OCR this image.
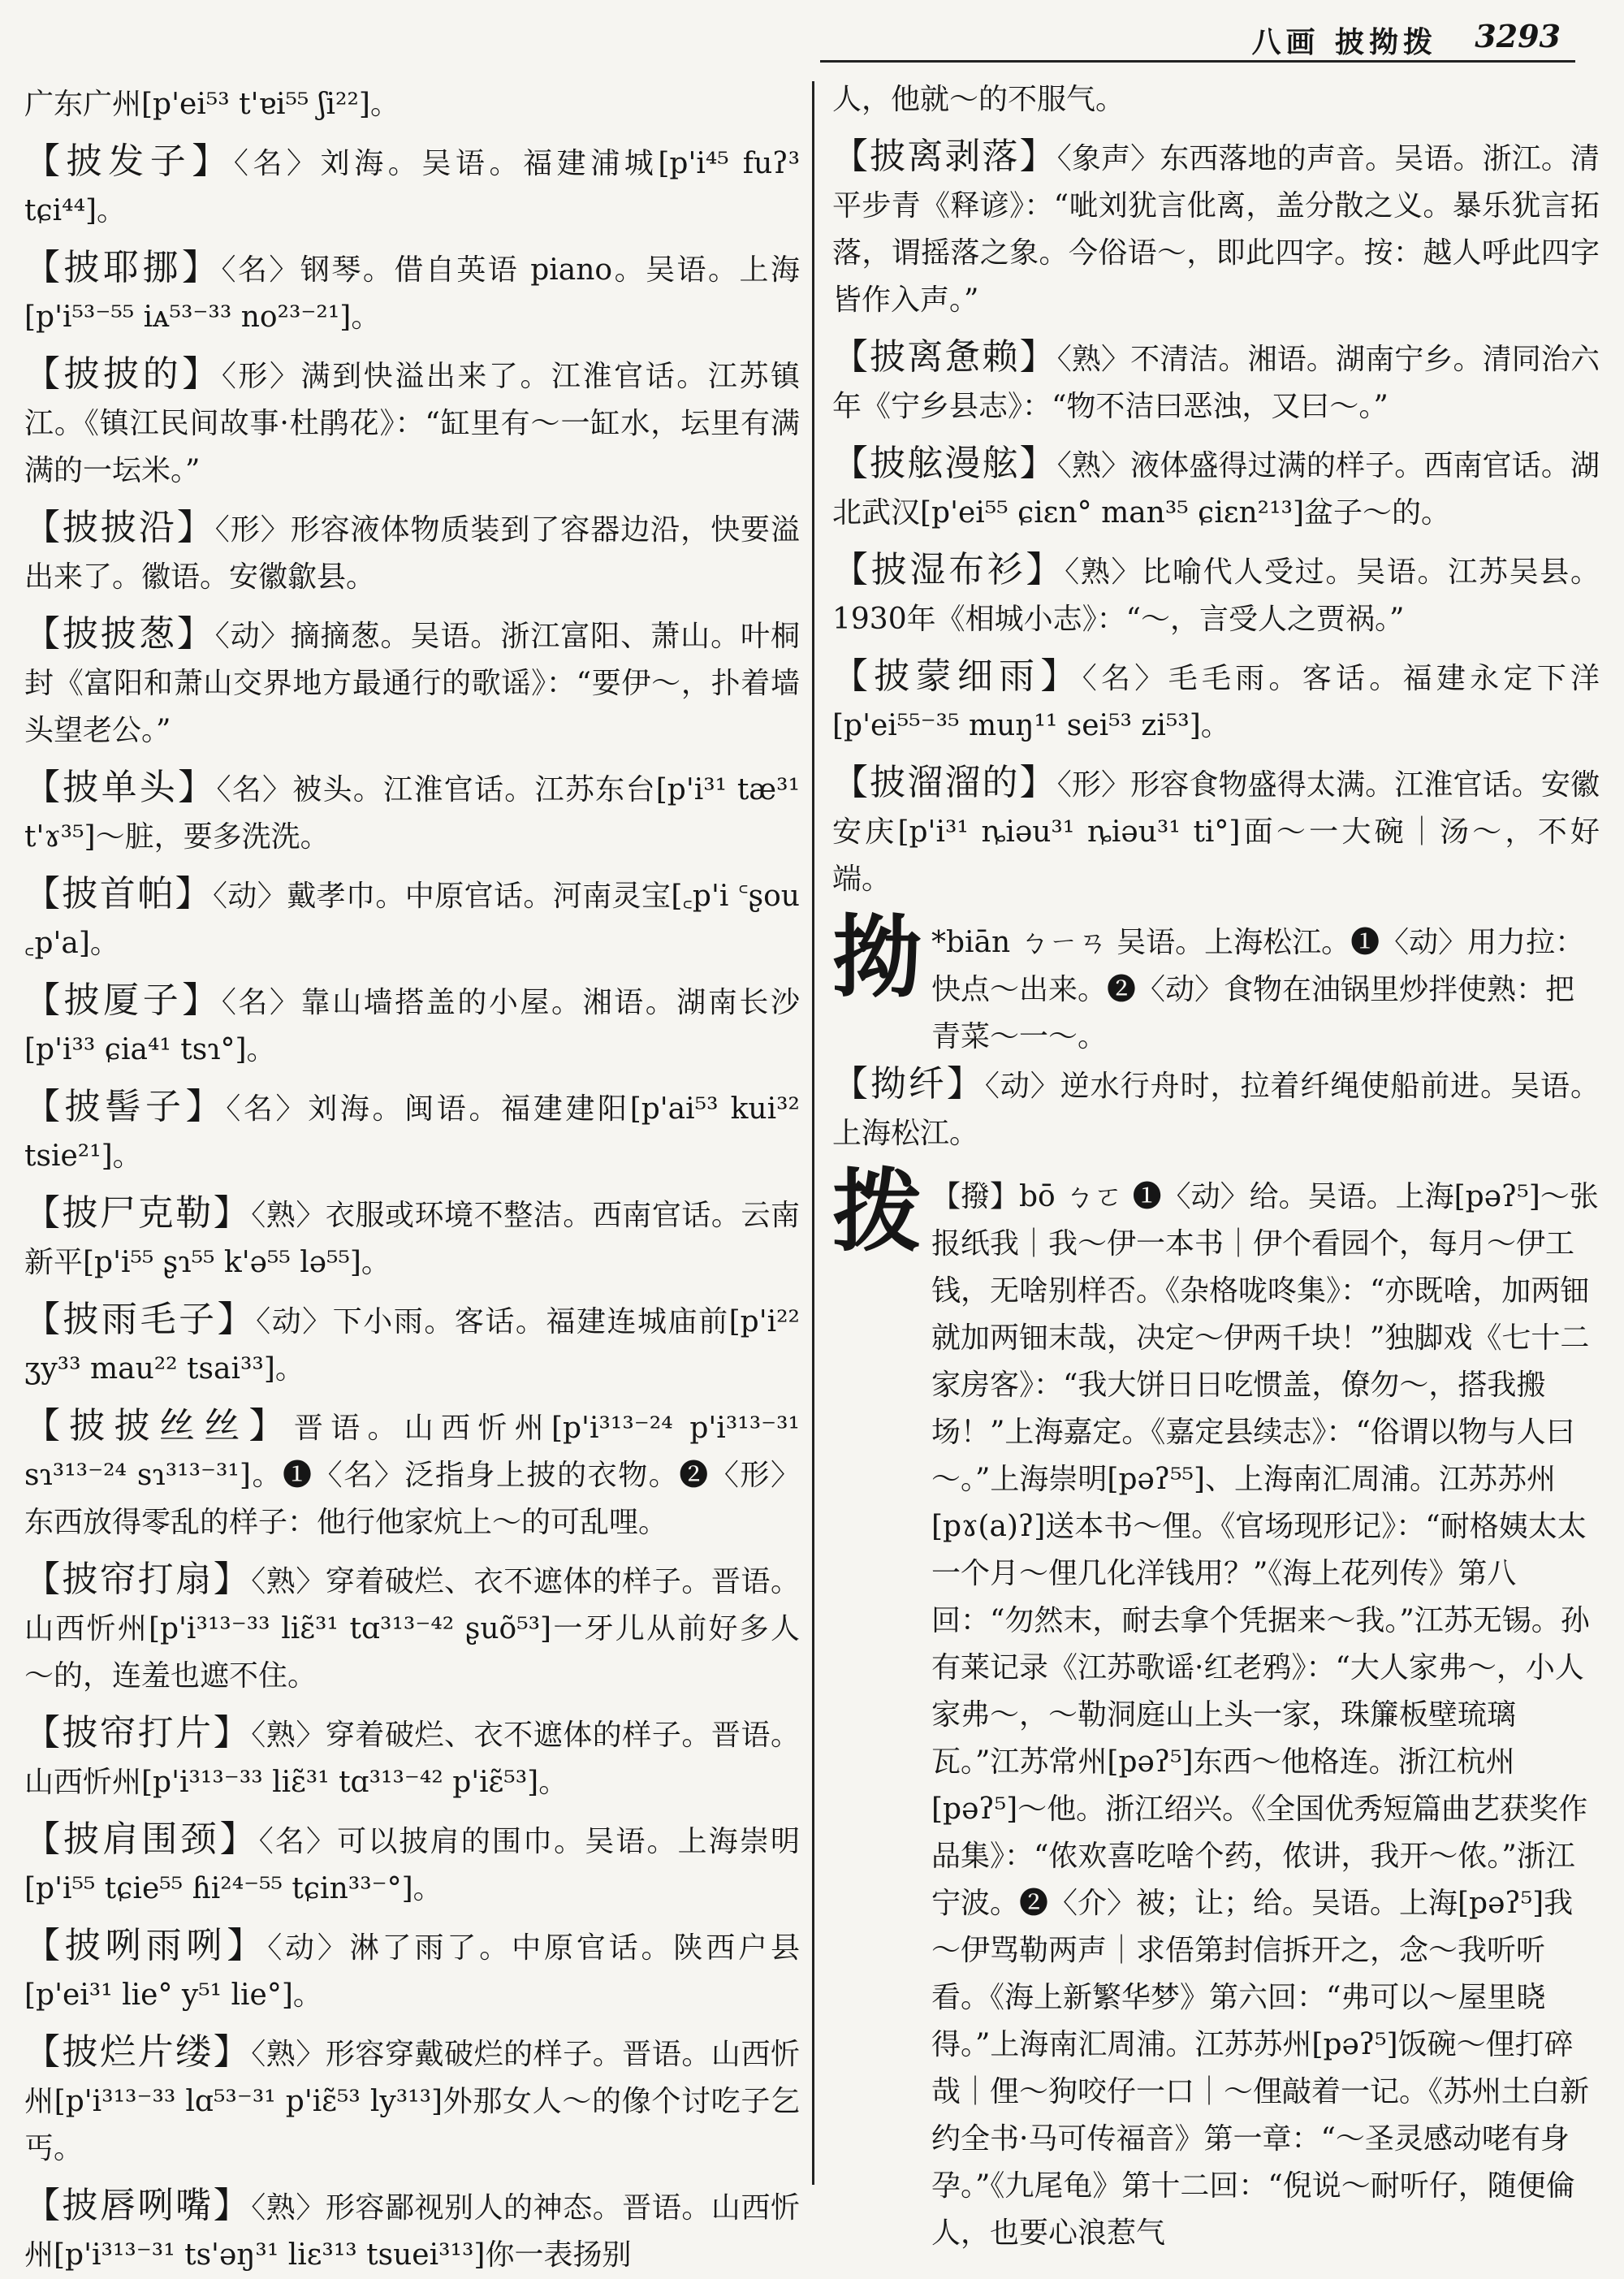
八画 披拗拨 3293

广东广州[p'ei⁵³ t'ɐi⁵⁵ ʃi²²]。

【披发子】〈名〉刘海。吴语。福建浦城[p'i⁴⁵ fuʔ³ tɕi⁴⁴]。

【披耶挪】〈名〉钢琴。借自英语 piano。吴语。上海[p'i⁵³⁻⁵⁵ iᴀ⁵³⁻³³ no²³⁻²¹]。

【披披的】〈形〉满到快溢出来了。江淮官话。江苏镇江。《镇江民间故事·杜鹃花》：“缸里有～一缸水，坛里有满满的一坛米。”

【披披沿】〈形〉形容液体物质装到了容器边沿，快要溢出来了。徽语。安徽歙县。

【披披葱】〈动〉摘摘葱。吴语。浙江富阳、萧山。叶桐封《富阳和萧山交界地方最通行的歌谣》：“要伊～，扑着墙头望老公。”

【披单头】〈名〉被头。江淮官话。江苏东台[p'i³¹ tæ³¹ t'ɤ³⁵]～脏，要多洗洗。

【披首帕】〈动〉戴孝巾。中原官话。河南灵宝[꜀p'i ꜂ʂou ꜀p'a]。

【披厦子】〈名〉靠山墙搭盖的小屋。湘语。湖南长沙[p'i³³ ɕia⁴¹ tsɿ°]。

【披髻子】〈名〉刘海。闽语。福建建阳[p'ai⁵³ kui³² tsie²¹]。

【披尸克勒】〈熟〉衣服或环境不整洁。西南官话。云南新平[p'i⁵⁵ ʂɿ⁵⁵ k'ə⁵⁵ lə⁵⁵]。

【披雨毛子】〈动〉下小雨。客话。福建连城庙前[p'i²² ʒy³³ mau²² tsai³³]。

【披披丝丝】晋语。山西忻州[p'i³¹³⁻²⁴ p'i³¹³⁻³¹ sɿ³¹³⁻²⁴ sɿ³¹³⁻³¹]。❶〈名〉泛指身上披的衣物。❷〈形〉东西放得零乱的样子：他行他家炕上～的可乱哩。

【披帘打扇】〈熟〉穿着破烂、衣不遮体的样子。晋语。山西忻州[p'i³¹³⁻³³ liɛ̃³¹ tɑ³¹³⁻⁴² ʂuõ⁵³]一牙儿从前好多人～的，连羞也遮不住。

【披帘打片】〈熟〉穿着破烂、衣不遮体的样子。晋语。山西忻州[p'i³¹³⁻³³ liɛ̃³¹ tɑ³¹³⁻⁴² p'iɛ̃⁵³]。

【披肩围颈】〈名〉可以披肩的围巾。吴语。上海崇明[p'i⁵⁵ tɕie⁵⁵ ɦi²⁴⁻⁵⁵ tɕin³³⁻°]。

【披咧雨咧】〈动〉淋了雨了。中原官话。陕西户县[p'ei³¹ lie° y⁵¹ lie°]。

【披烂片缕】〈熟〉形容穿戴破烂的样子。晋语。山西忻州[p'i³¹³⁻³³ lɑ⁵³⁻³¹ p'iɛ̃⁵³ ly³¹³]外那女人～的像个讨吃子乞丐。

【披唇咧嘴】〈熟〉形容鄙视别人的神态。晋语。山西忻州[p'i³¹³⁻³¹ ts'əŋ³¹ liɛ³¹³ tsuei³¹³]你一表扬别

人，他就～的不服气。

【披离剥落】〈象声〉东西落地的声音。吴语。浙江。清平步青《释谚》：“呲刘犹言仳离，盖分散之义。暴乐犹言拓落，谓摇落之象。今俗语～，即此四字。按：越人呼此四字皆作入声。”

【披离惫赖】〈熟〉不清洁。湘语。湖南宁乡。清同治六年《宁乡县志》：“物不洁曰恶浊，又曰～。”

【披舷漫舷】〈熟〉液体盛得过满的样子。西南官话。湖北武汉[p'ei⁵⁵ ɕiɛn° man³⁵ ɕiɛn²¹³]盆子～的。

【披湿布衫】〈熟〉比喻代人受过。吴语。江苏吴县。1930年《相城小志》：“～，言受人之贾祸。”

【披蒙细雨】〈名〉毛毛雨。客话。福建永定下洋[p'ei⁵⁵⁻³⁵ muŋ¹¹ sei⁵³ zi⁵³]。

【披溜溜的】〈形〉形容食物盛得太满。江淮官话。安徽安庆[p'i³¹ ȵiəu³¹ ȵiəu³¹ ti°]面～一大碗｜汤～，不好端。

拗 *biān ㄅㄧㄢ 吴语。上海松江。❶〈动〉用力拉：快点～出来。❷〈动〉食物在油锅里炒拌使熟：把青菜～一～。

【拗纤】〈动〉逆水行舟时，拉着纤绳使船前进。吴语。上海松江。

拨 【撥】bō ㄅㄛ ❶〈动〉给。吴语。上海[pəʔ⁵]～张报纸我｜我～伊一本书｜伊个看园个，每月～伊工钱，无啥别样否。《杂格咙咚集》：“亦既啥，加两钿就加两钿末哉，决定～伊两千块！”独脚戏《七十二家房客》：“我大饼日日吃惯盖，僚勿～，搭我搬场！”上海嘉定。《嘉定县续志》：“俗谓以物与人曰～。”上海崇明[pəʔ⁵⁵]、上海南汇周浦。江苏苏州[pɤ(a)ʔ]送本书～俚。《官场现形记》：“耐格姨太太一个月～俚几化洋钱用？”《海上花列传》第八回：“勿然末，耐去拿个凭据来～我。”江苏无锡。孙有莱记录《江苏歌谣·红老鸦》：“大人家弗～，小人家弗～，～勒洞庭山上头一家，珠簾板壁琉璃瓦。”江苏常州[pəʔ⁵]东西～他格连。浙江杭州[pəʔ⁵]～他。浙江绍兴。《全国优秀短篇曲艺获奖作品集》：“侬欢喜吃啥个药，侬讲，我开～侬。”浙江宁波。❷〈介〉被；让；给。吴语。上海[pəʔ⁵]我～伊骂勒两声｜求俉第封信拆开之，念～我听听看。《海上新繁华梦》第六回：“弗可以～屋里晓得。”上海南汇周浦。江苏苏州[pəʔ⁵]饭碗～俚打碎哉｜俚～狗咬仔一口｜～俚敲着一记。《苏州土白新约全书·马可传福音》第一章：“～圣灵感动咾有身孕。”《九尾龟》第十二回：“倪说～耐听仔，随便倫人，也要心浪惹气
